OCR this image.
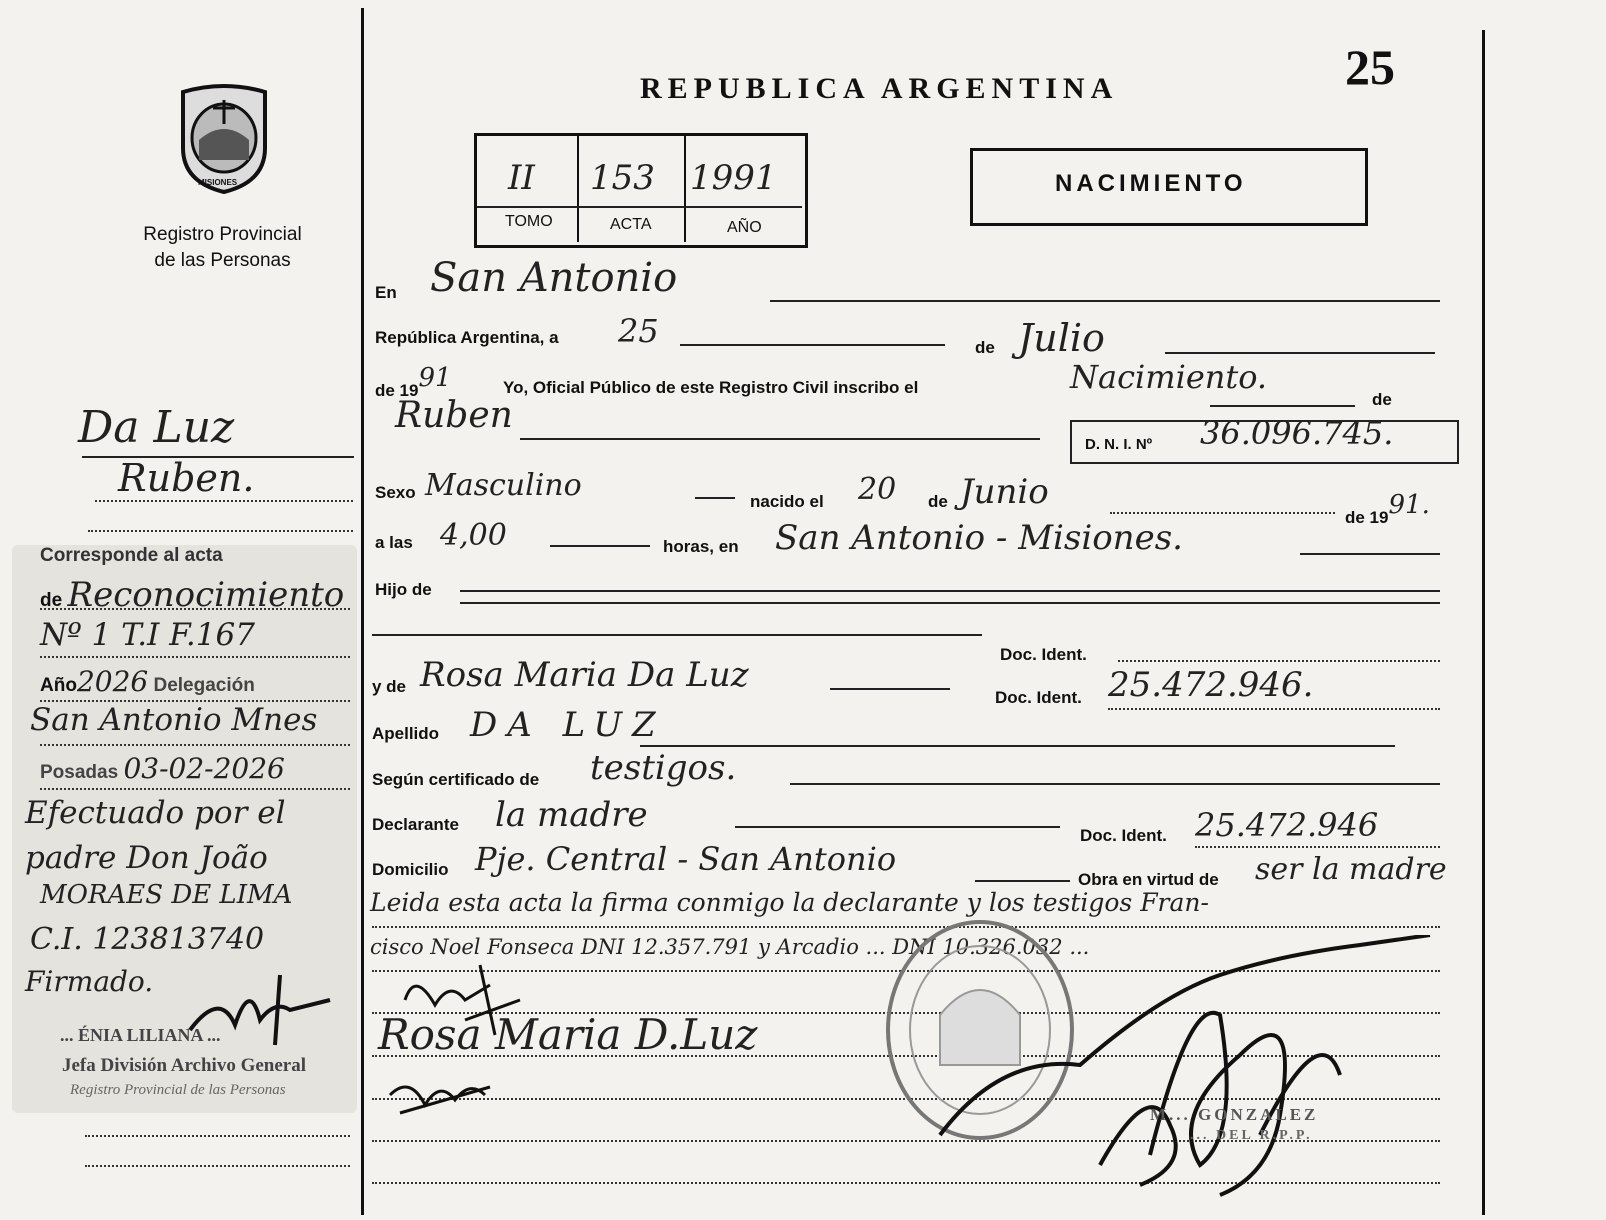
MISIONES
Registro Provincial
de las Personas
Da Luz
Ruben.
Corresponde al acta
de Reconocimiento
Nº 1 T.I F.167
Año2026 Delegación
San Antonio Mnes
Posadas 03-02-2026
Efectuado por el
padre Don João
MORAES DE LIMA
C.I. 123813740
Firmado.
... ÉNIA LILIANA ...
Jefa División Archivo General
Registro Provincial de las Personas
REPUBLICA ARGENTINA	25
II 153 1991
TOMO	ACTA	AÑO
NACIMIENTO
En San Antonio
República Argentina, a 25	de Julio
de 1991	Yo, Oficial Público de este Registro Civil inscribo el	Nacimiento.
de
Ruben
D. N. I. Nº 36.096.745.
Sexo Masculino	nacido el 20 de Junio
de 1991.
a las 4,00	horas, en San Antonio - Misiones.
Hijo de
Doc. Ident.
y de Rosa Maria Da Luz
Doc. Ident. 25.472.946.
Apellido DA LUZ
Según certificado de testigos.
Declarante la madre
Doc. Ident. 25.472.946
Domicilio Pje. Central - San Antonio
Obra en virtud de ser la madre
Leida esta acta la firma conmigo la declarante y los testigos Fran-
cisco Noel Fonseca DNI 12.357.791 y Arcadio ... DNI 10.326.032 ...
Rosa Maria D.Luz
M... GONZALEZ
... DEL R.P.P.
